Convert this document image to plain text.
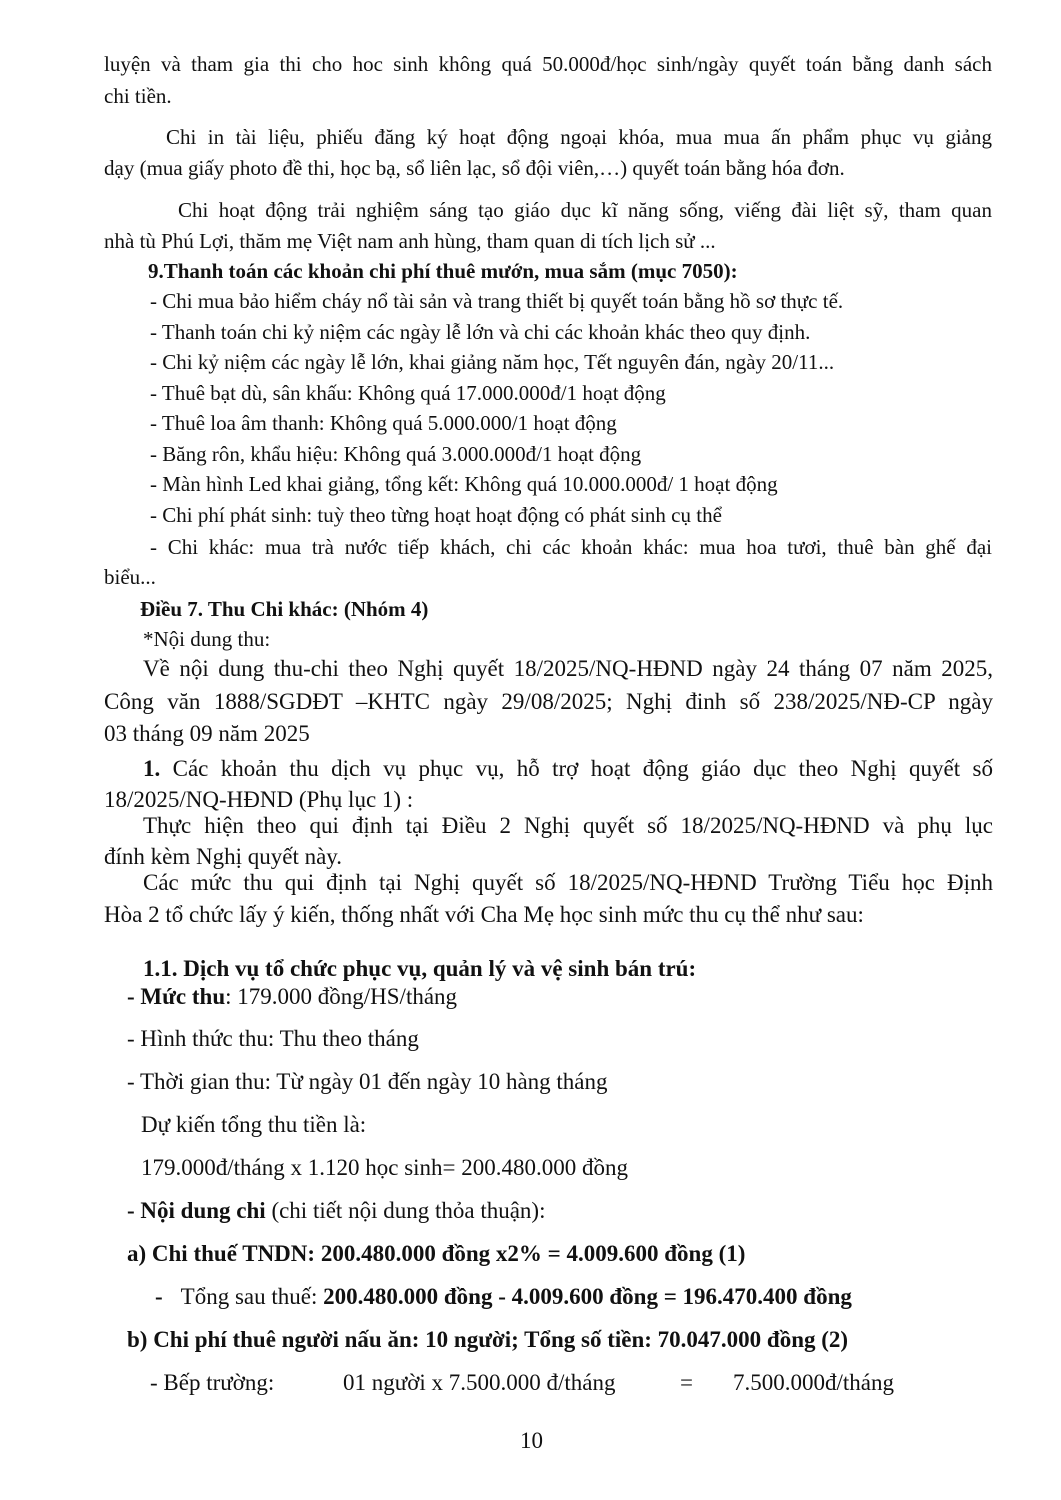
luyện và tham gia thi cho hoc sinh không quá 50.000đ/học sinh/ngày quyết toán bằng danh sách
chi tiền.
Chi in tài liệu, phiếu đăng ký hoạt động ngoại khóa, mua mua ấn phẩm phục vụ giảng
dạy (mua giấy photo đề thi, học bạ, sổ liên lạc, sổ đội viên,…) quyết toán bằng hóa đơn.
Chi hoạt động trải nghiệm sáng tạo giáo dục kĩ năng sống, viếng đài liệt sỹ, tham quan
nhà tù Phú Lợi, thăm mẹ Việt nam anh hùng, tham quan di tích lịch sử ...
9.Thanh toán các khoản chi phí thuê mướn, mua sắm (mục 7050):
- Chi mua bảo hiểm cháy nổ tài sản và trang thiết bị quyết toán bằng hồ sơ thực tế.
- Thanh toán chi kỷ niệm các ngày lễ lớn và chi các khoản khác theo quy định.
- Chi kỷ niệm các ngày lễ lớn, khai giảng năm học, Tết nguyên đán, ngày 20/11...
- Thuê bạt dù, sân khấu: Không quá 17.000.000đ/1 hoạt động
- Thuê loa âm thanh: Không quá 5.000.000/1 hoạt động
- Băng rôn, khẩu hiệu: Không quá 3.000.000đ/1 hoạt động
- Màn hình Led khai giảng, tổng kết: Không quá 10.000.000đ/ 1 hoạt động
- Chi phí phát sinh: tuỳ theo từng hoạt hoạt động có phát sinh cụ thể
- Chi khác: mua trà nước tiếp khách, chi các khoản khác: mua hoa tươi, thuê bàn ghế đại
biểu...
Điều 7. Thu Chi khác: (Nhóm 4)
*Nội dung thu:
Về nội dung thu-chi theo Nghị quyết 18/2025/NQ-HĐND ngày 24 tháng 07 năm 2025,
Công văn 1888/SGDĐT –KHTC ngày 29/08/2025; Nghị đinh số 238/2025/NĐ-CP ngày
03 tháng 09 năm 2025
1. Các khoản thu dịch vụ phục vụ, hỗ trợ hoạt động giáo dục theo Nghị quyết số
18/2025/NQ-HĐND (Phụ lục 1) :
Thực hiện theo qui định tại Điều 2 Nghị quyết số 18/2025/NQ-HĐND và phụ lục
đính kèm Nghị quyết này.
Các mức thu qui định tại Nghị quyết số 18/2025/NQ-HĐND Trường Tiểu học Định
Hòa 2 tổ chức lấy ý kiến, thống nhất với Cha Mẹ học sinh mức thu cụ thể như sau:
1.1. Dịch vụ tổ chức phục vụ, quản lý và vệ sinh bán trú:
- Mức thu: 179.000 đồng/HS/tháng
- Hình thức thu: Thu theo tháng
- Thời gian thu: Từ ngày 01 đến ngày 10 hàng tháng
Dự kiến tổng thu tiền là:
179.000đ/tháng x 1.120 học sinh= 200.480.000 đồng
- Nội dung chi (chi tiết nội dung thỏa thuận):
a) Chi thuế TNDN: 200.480.000 đồng x2% = 4.009.600 đồng (1)
- Tổng sau thuế: 200.480.000 đồng - 4.009.600 đồng = 196.470.400 đồng
b) Chi phí thuê người nấu ăn: 10 người; Tổng số tiền: 70.047.000 đồng (2)
- Bếp trường:	01 người x 7.500.000 đ/tháng	= 7.500.000đ/tháng
10
